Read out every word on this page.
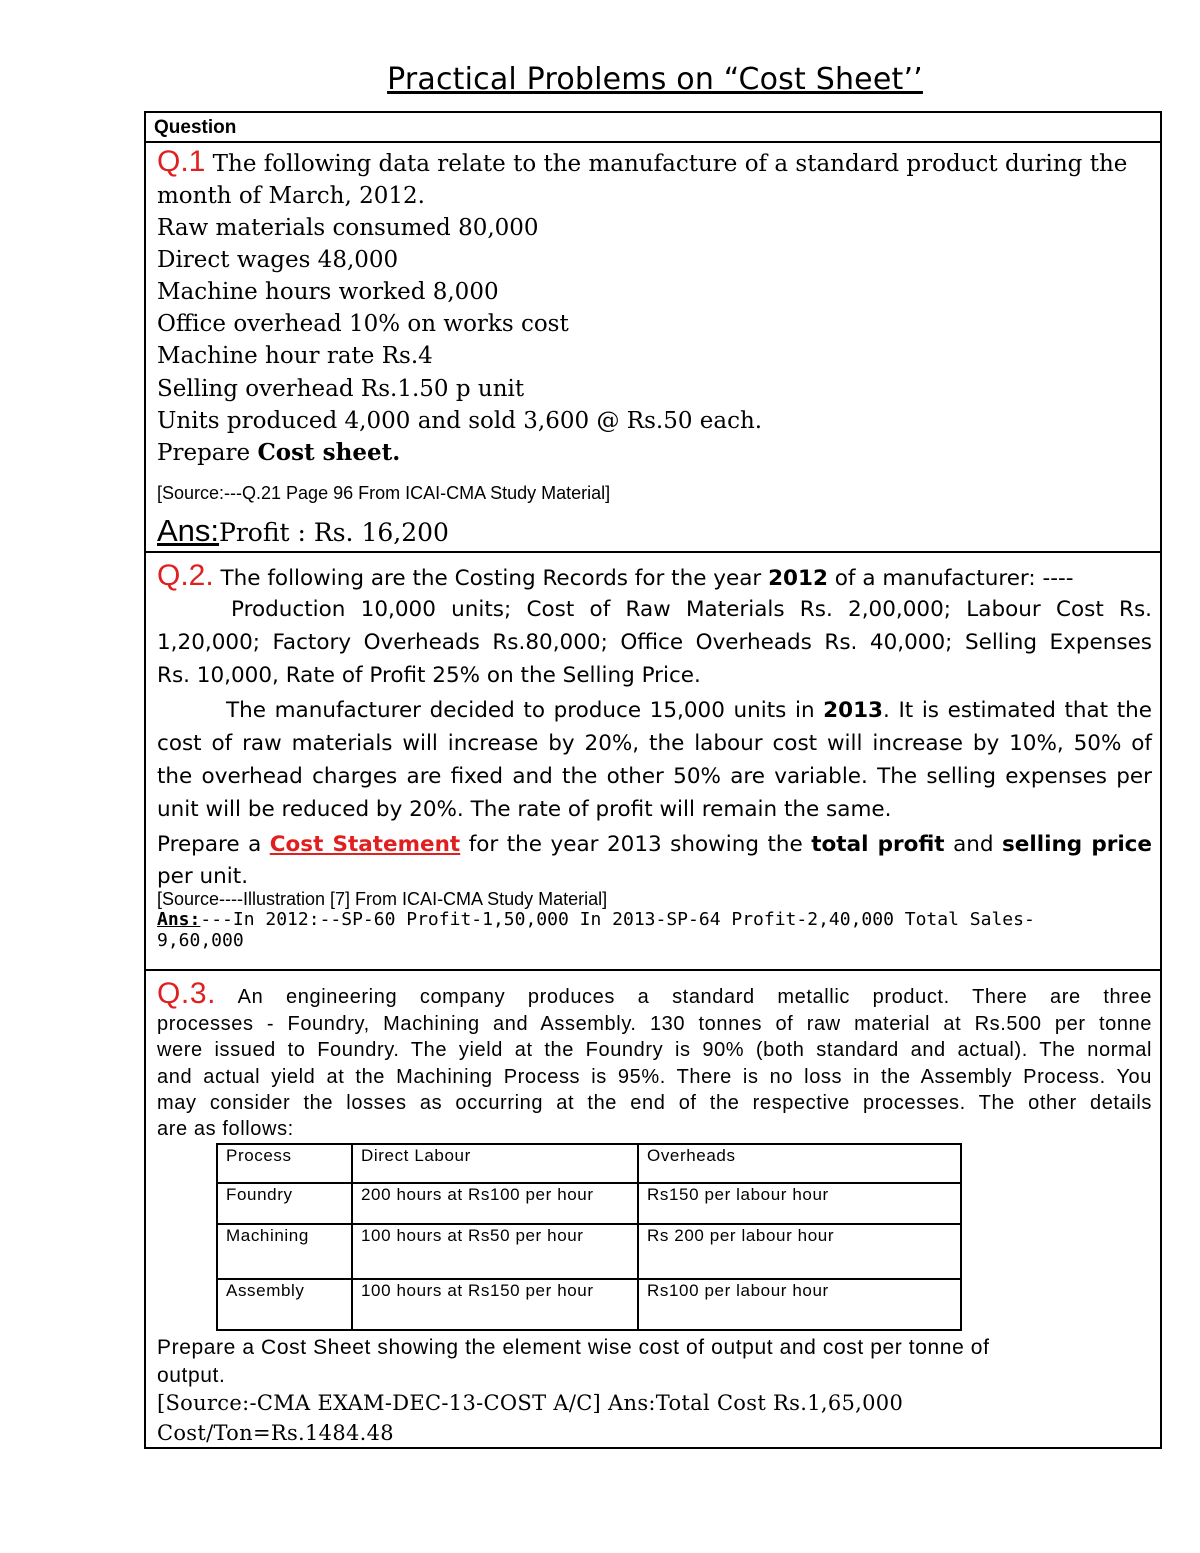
Practical Problems on “Cost Sheet’’
Question
Q.1 The following data relate to the manufacture of a standard product during the
month of March, 2012.
Raw materials consumed 80,000
Direct wages 48,000
Machine hours worked 8,000
Office overhead 10% on works cost
Machine hour rate Rs.4
Selling overhead Rs.1.50 p unit
Units produced 4,000 and sold 3,600 @ Rs.50 each.
Prepare Cost sheet.
[Source:---Q.21 Page 96 From ICAI-CMA Study Material]
Ans:Profit : Rs. 16,200
Q.2. The following are the Costing Records for the year 2012 of a manufacturer: ----
Production 10,000 units; Cost of Raw Materials Rs. 2,00,000; Labour Cost Rs.
1,20,000; Factory Overheads Rs.80,000; Office Overheads Rs. 40,000; Selling Expenses
Rs. 10,000, Rate of Profit 25% on the Selling Price.
The manufacturer decided to produce 15,000 units in 2013. It is estimated that the
cost of raw materials will increase by 20%, the labour cost will increase by 10%, 50% of
the overhead charges are fixed and the other 50% are variable. The selling expenses per
unit will be reduced by 20%. The rate of profit will remain the same.
Prepare a Cost Statement for the year 2013 showing the total profit and selling price
per unit.
[Source----Illustration [7] From ICAI-CMA Study Material]
Ans:---In 2012:--SP-60 Profit-1,50,000 In 2013-SP-64 Profit-2,40,000 Total Sales-
9,60,000
Q.3. An engineering company produces a standard metallic product. There are three
processes - Foundry, Machining and Assembly. 130 tonnes of raw material at Rs.500 per tonne
were issued to Foundry. The yield at the Foundry is 90% (both standard and actual). The normal
and actual yield at the Machining Process is 95%. There is no loss in the Assembly Process. You
may consider the losses as occurring at the end of the respective processes. The other details
are as follows:
Process	Direct Labour	Overheads
Foundry	200 hours at Rs100 per hour	Rs150 per labour hour
Machining	100 hours at Rs50 per hour	Rs 200 per labour hour
Assembly	100 hours at Rs150 per hour	Rs100 per labour hour
Prepare a Cost Sheet showing the element wise cost of output and cost per tonne of
output.
[Source:-CMA EXAM-DEC-13-COST A/C] Ans:Total Cost Rs.1,65,000
Cost/Ton=Rs.1484.48
